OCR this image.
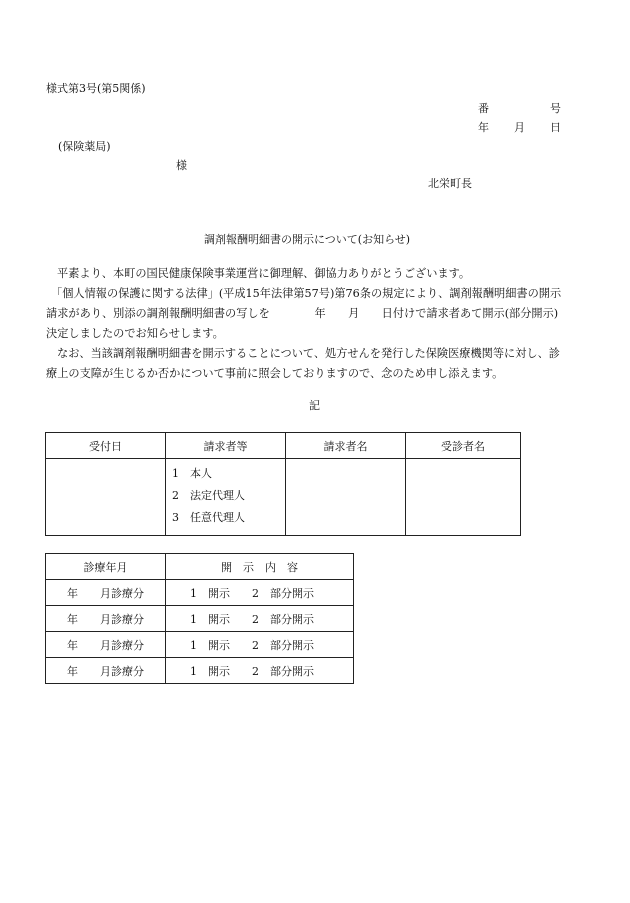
様式第3号(第5関係)
番	号
年 月 日
(保険薬局)
様
北栄町長
調剤報酬明細書の開示について(お知らせ)

平素より、本町の国民健康保険事業運営に御理解、御協力ありがとうございます。

「個人情報の保護に関する法律」(平成15年法律第57号)第76条の規定により、調剤報酬明細書の開示

請求があり、別添の調剤報酬明細書の写しを　　　　年　　月　　日付けで請求者あて開示(部分開示)

決定しましたのでお知らせします。

なお、当該調剤報酬明細書を開示することについて、処方せんを発行した保険医療機関等に対し、診

療上の支障が生じるか否かについて事前に照会しておりますので、念のため申し添えます。

記
受付日	請求者等	請求者名	受診者名

	1　本人
2　法定代理人
3　任意代理人		

診療年月	開　示　内　容
年　　月診療分	1　開示 2　部分開示
年　　月診療分	1　開示 2　部分開示
年　　月診療分	1　開示 2　部分開示
年　　月診療分	1　開示 2　部分開示
